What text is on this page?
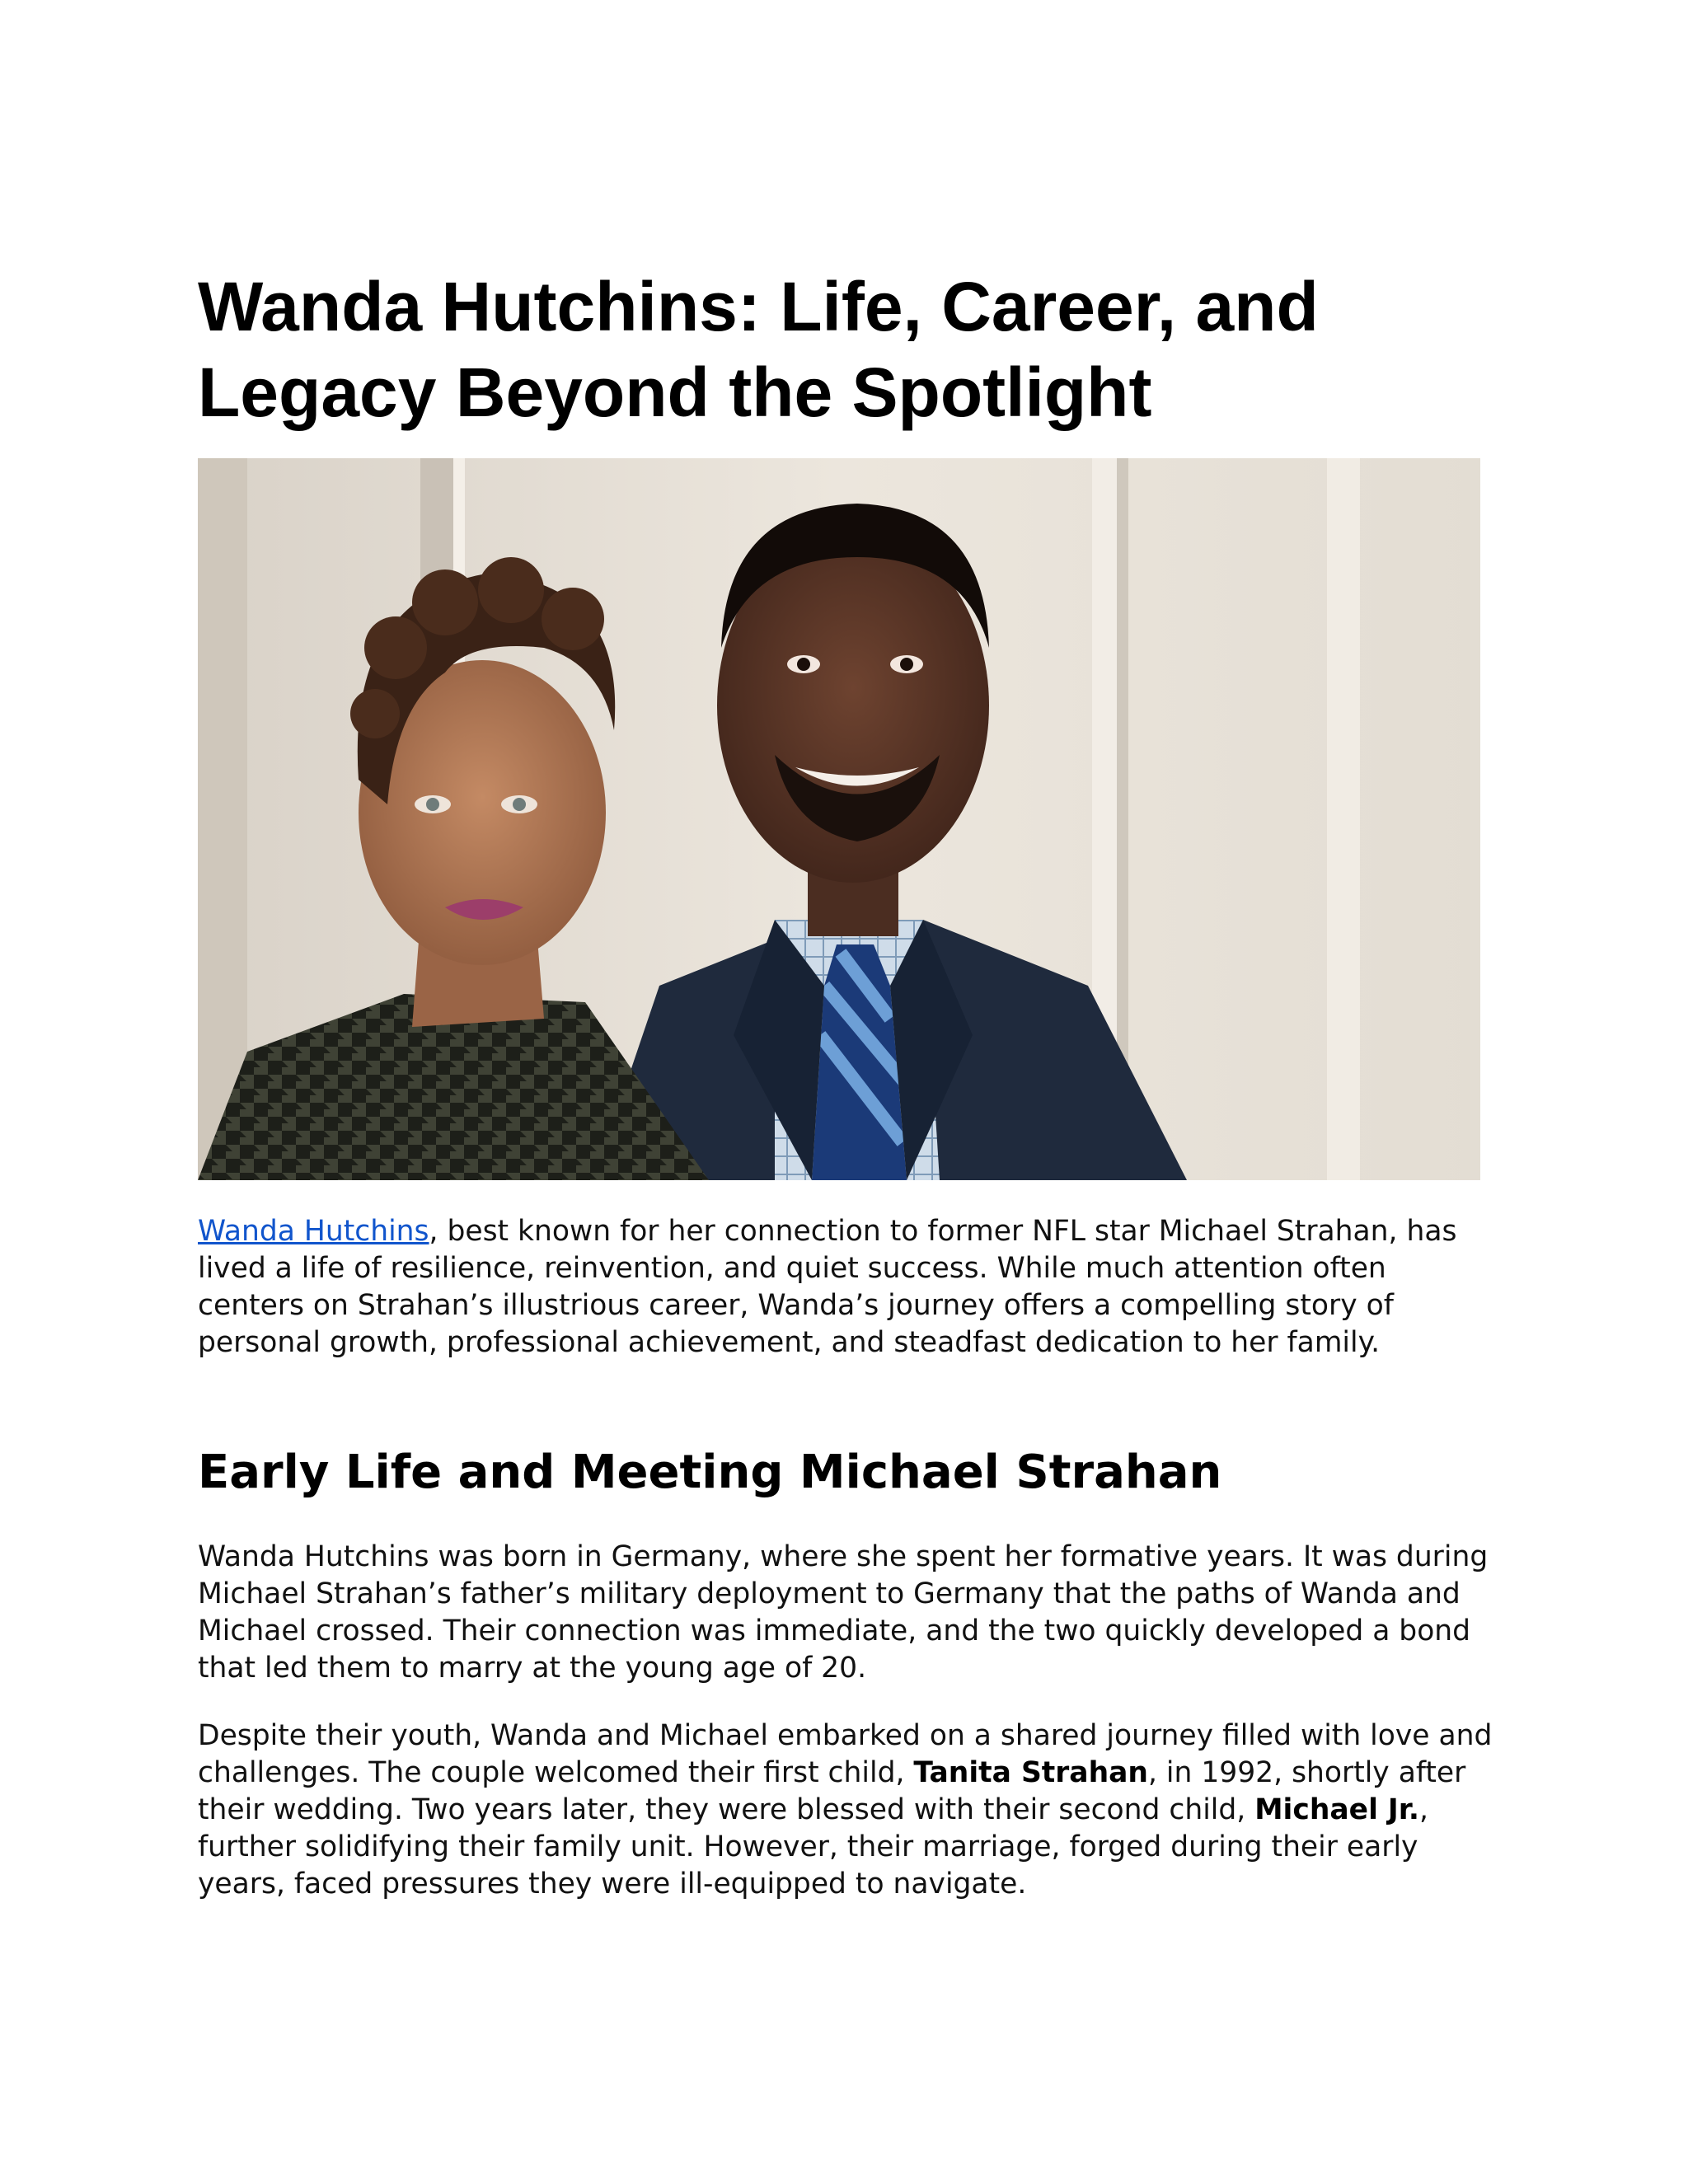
Wanda Hutchins: Life, Career, and Legacy Beyond the Spotlight

Wanda Hutchins, best known for her connection to former NFL star Michael Strahan, has lived a life of resilience, reinvention, and quiet success. While much attention often centers on Strahan’s illustrious career, Wanda’s journey offers a compelling story of personal growth, professional achievement, and steadfast dedication to her family.

Early Life and Meeting Michael Strahan

Wanda Hutchins was born in Germany, where she spent her formative years. It was during Michael Strahan’s father’s military deployment to Germany that the paths of Wanda and Michael crossed. Their connection was immediate, and the two quickly developed a bond that led them to marry at the young age of 20.

Despite their youth, Wanda and Michael embarked on a shared journey filled with love and challenges. The couple welcomed their first child, Tanita Strahan, in 1992, shortly after their wedding. Two years later, they were blessed with their second child, Michael Jr., further solidifying their family unit. However, their marriage, forged during their early years, faced pressures they were ill-equipped to navigate.
